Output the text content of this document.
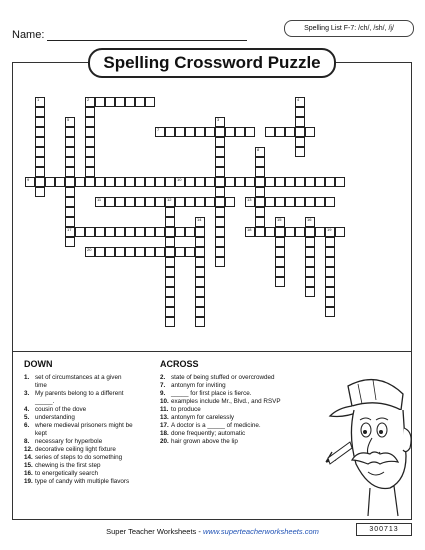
Name:
Spelling List F-7: /ch/, /sh/, /j/
Spelling Crossword Puzzle
1
5
17
2
3
8
4
7
9	10
11	12	13
14	15	16
19
18
20
DOWN
1. set of circumstances at a given time
3. My parents belong to a different _____.
4. cousin of the dove
5. understanding
6. where medieval prisoners might be kept
8. necessary for hyperbole
12. decorative ceiling light fixture
14. series of steps to do something
15. chewing is the first step
16. to energetically search
19. type of candy with multiple flavors
ACROSS
2. state of being stuffed or overcrowded
7. antonym for inviting
9. _____ for first place is fierce.
10. examples include Mr., Blvd., and RSVP
11. to produce
13. antonym for carelessly
17. A doctor is a _____ of medicine.
18. done frequently; automatic
20. hair grown above the lip
Super Teacher Worksheets - www.superteacherworksheets.com	300713
